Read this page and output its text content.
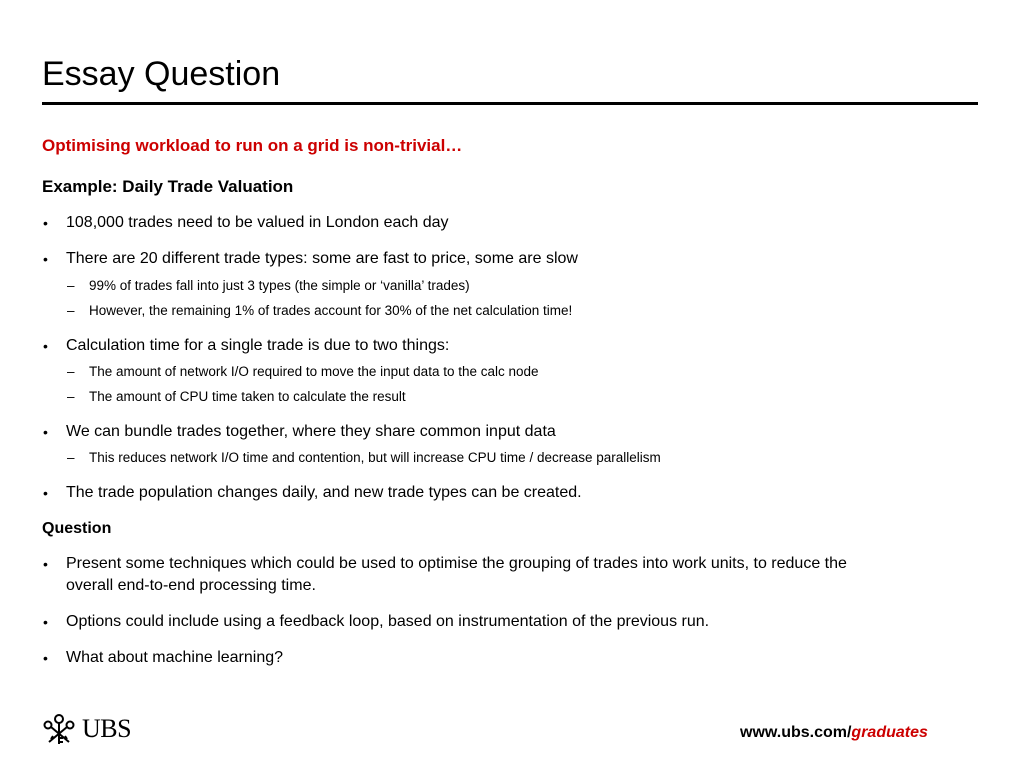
Essay Question
Optimising workload to run on a grid is non-trivial…
Example: Daily Trade Valuation
• 108,000 trades need to be valued in London each day
• There are 20 different trade types: some are fast to price, some are slow
– 99% of trades fall into just 3 types (the simple or ‘vanilla’ trades)
– However, the remaining 1% of trades account for 30% of the net calculation time!
• Calculation time for a single trade is due to two things:
– The amount of network I/O required to move the input data to the calc node
– The amount of CPU time taken to calculate the result
• We can bundle trades together, where they share common input data
– This reduces network I/O time and contention, but will increase CPU time / decrease parallelism
• The trade population changes daily, and new trade types can be created.
Question
• Present some techniques which could be used to optimise the grouping of trades into work units, to reduce the
overall end-to-end processing time.
• Options could include using a feedback loop, based on instrumentation of the previous run.
• What about machine learning?
UBS	www.ubs.com/graduates
